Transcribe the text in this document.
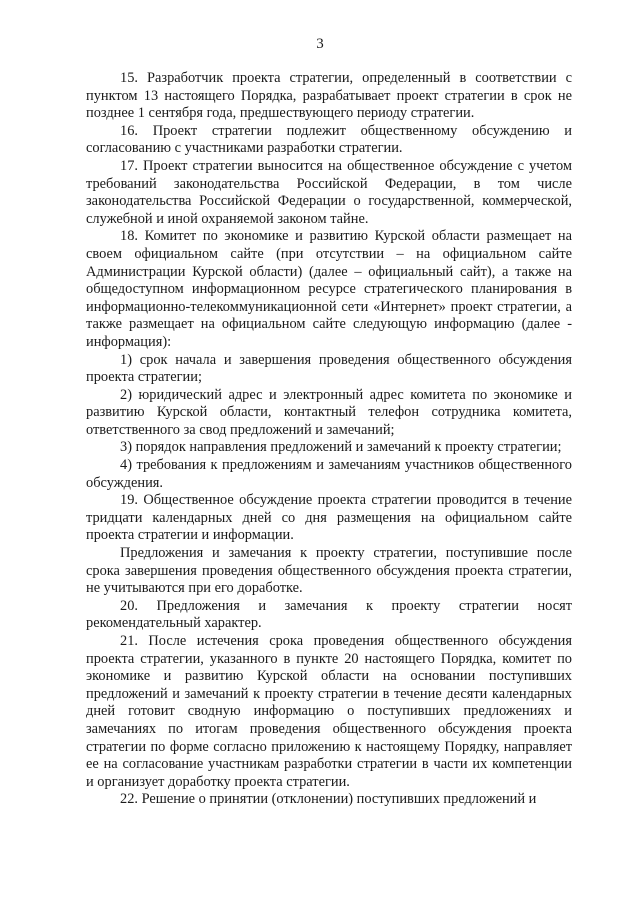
3

15. Разработчик проекта стратегии, определенный в соответствии с пунктом 13 настоящего Порядка, разрабатывает проект стратегии в срок не позднее 1 сентября года, предшествующего периоду стратегии.

16. Проект стратегии подлежит общественному обсуждению и согласованию с участниками разработки стратегии.

17. Проект стратегии выносится на общественное обсуждение с учетом требований законодательства Российской Федерации, в том числе законодательства Российской Федерации о государственной, коммерческой, служебной и иной охраняемой законом тайне.

18. Комитет по экономике и развитию Курской области размещает на своем официальном сайте (при отсутствии – на официальном сайте Администрации Курской области) (далее – официальный сайт), а также на общедоступном информационном ресурсе стратегического планирования в информационно-телекоммуникационной сети «Интернет» проект стратегии, а также размещает на официальном сайте следующую информацию (далее - информация):

1) срок начала и завершения проведения общественного обсуждения проекта стратегии;

2) юридический адрес и электронный адрес комитета по экономике и развитию Курской области, контактный телефон сотрудника комитета, ответственного за свод предложений и замечаний;

3) порядок направления предложений и замечаний к проекту стратегии;

4) требования к предложениям и замечаниям участников общественного обсуждения.

19. Общественное обсуждение проекта стратегии проводится в течение тридцати календарных дней со дня размещения на официальном сайте проекта стратегии и информации.

Предложения и замечания к проекту стратегии, поступившие после срока завершения проведения общественного обсуждения проекта стратегии, не учитываются при его доработке.

20. Предложения и замечания к проекту стратегии носят рекомендательный характер.

21. После истечения срока проведения общественного обсуждения проекта стратегии, указанного в пункте 20 настоящего Порядка, комитет по экономике и развитию Курской области на основании поступивших предложений и замечаний к проекту стратегии в течение десяти календарных дней готовит сводную информацию о поступивших предложениях и замечаниях по итогам проведения общественного обсуждения проекта стратегии по форме согласно приложению к настоящему Порядку, направляет ее на согласование участникам разработки стратегии в части их компетенции и организует доработку проекта стратегии.

22. Решение о принятии (отклонении) поступивших предложений и
